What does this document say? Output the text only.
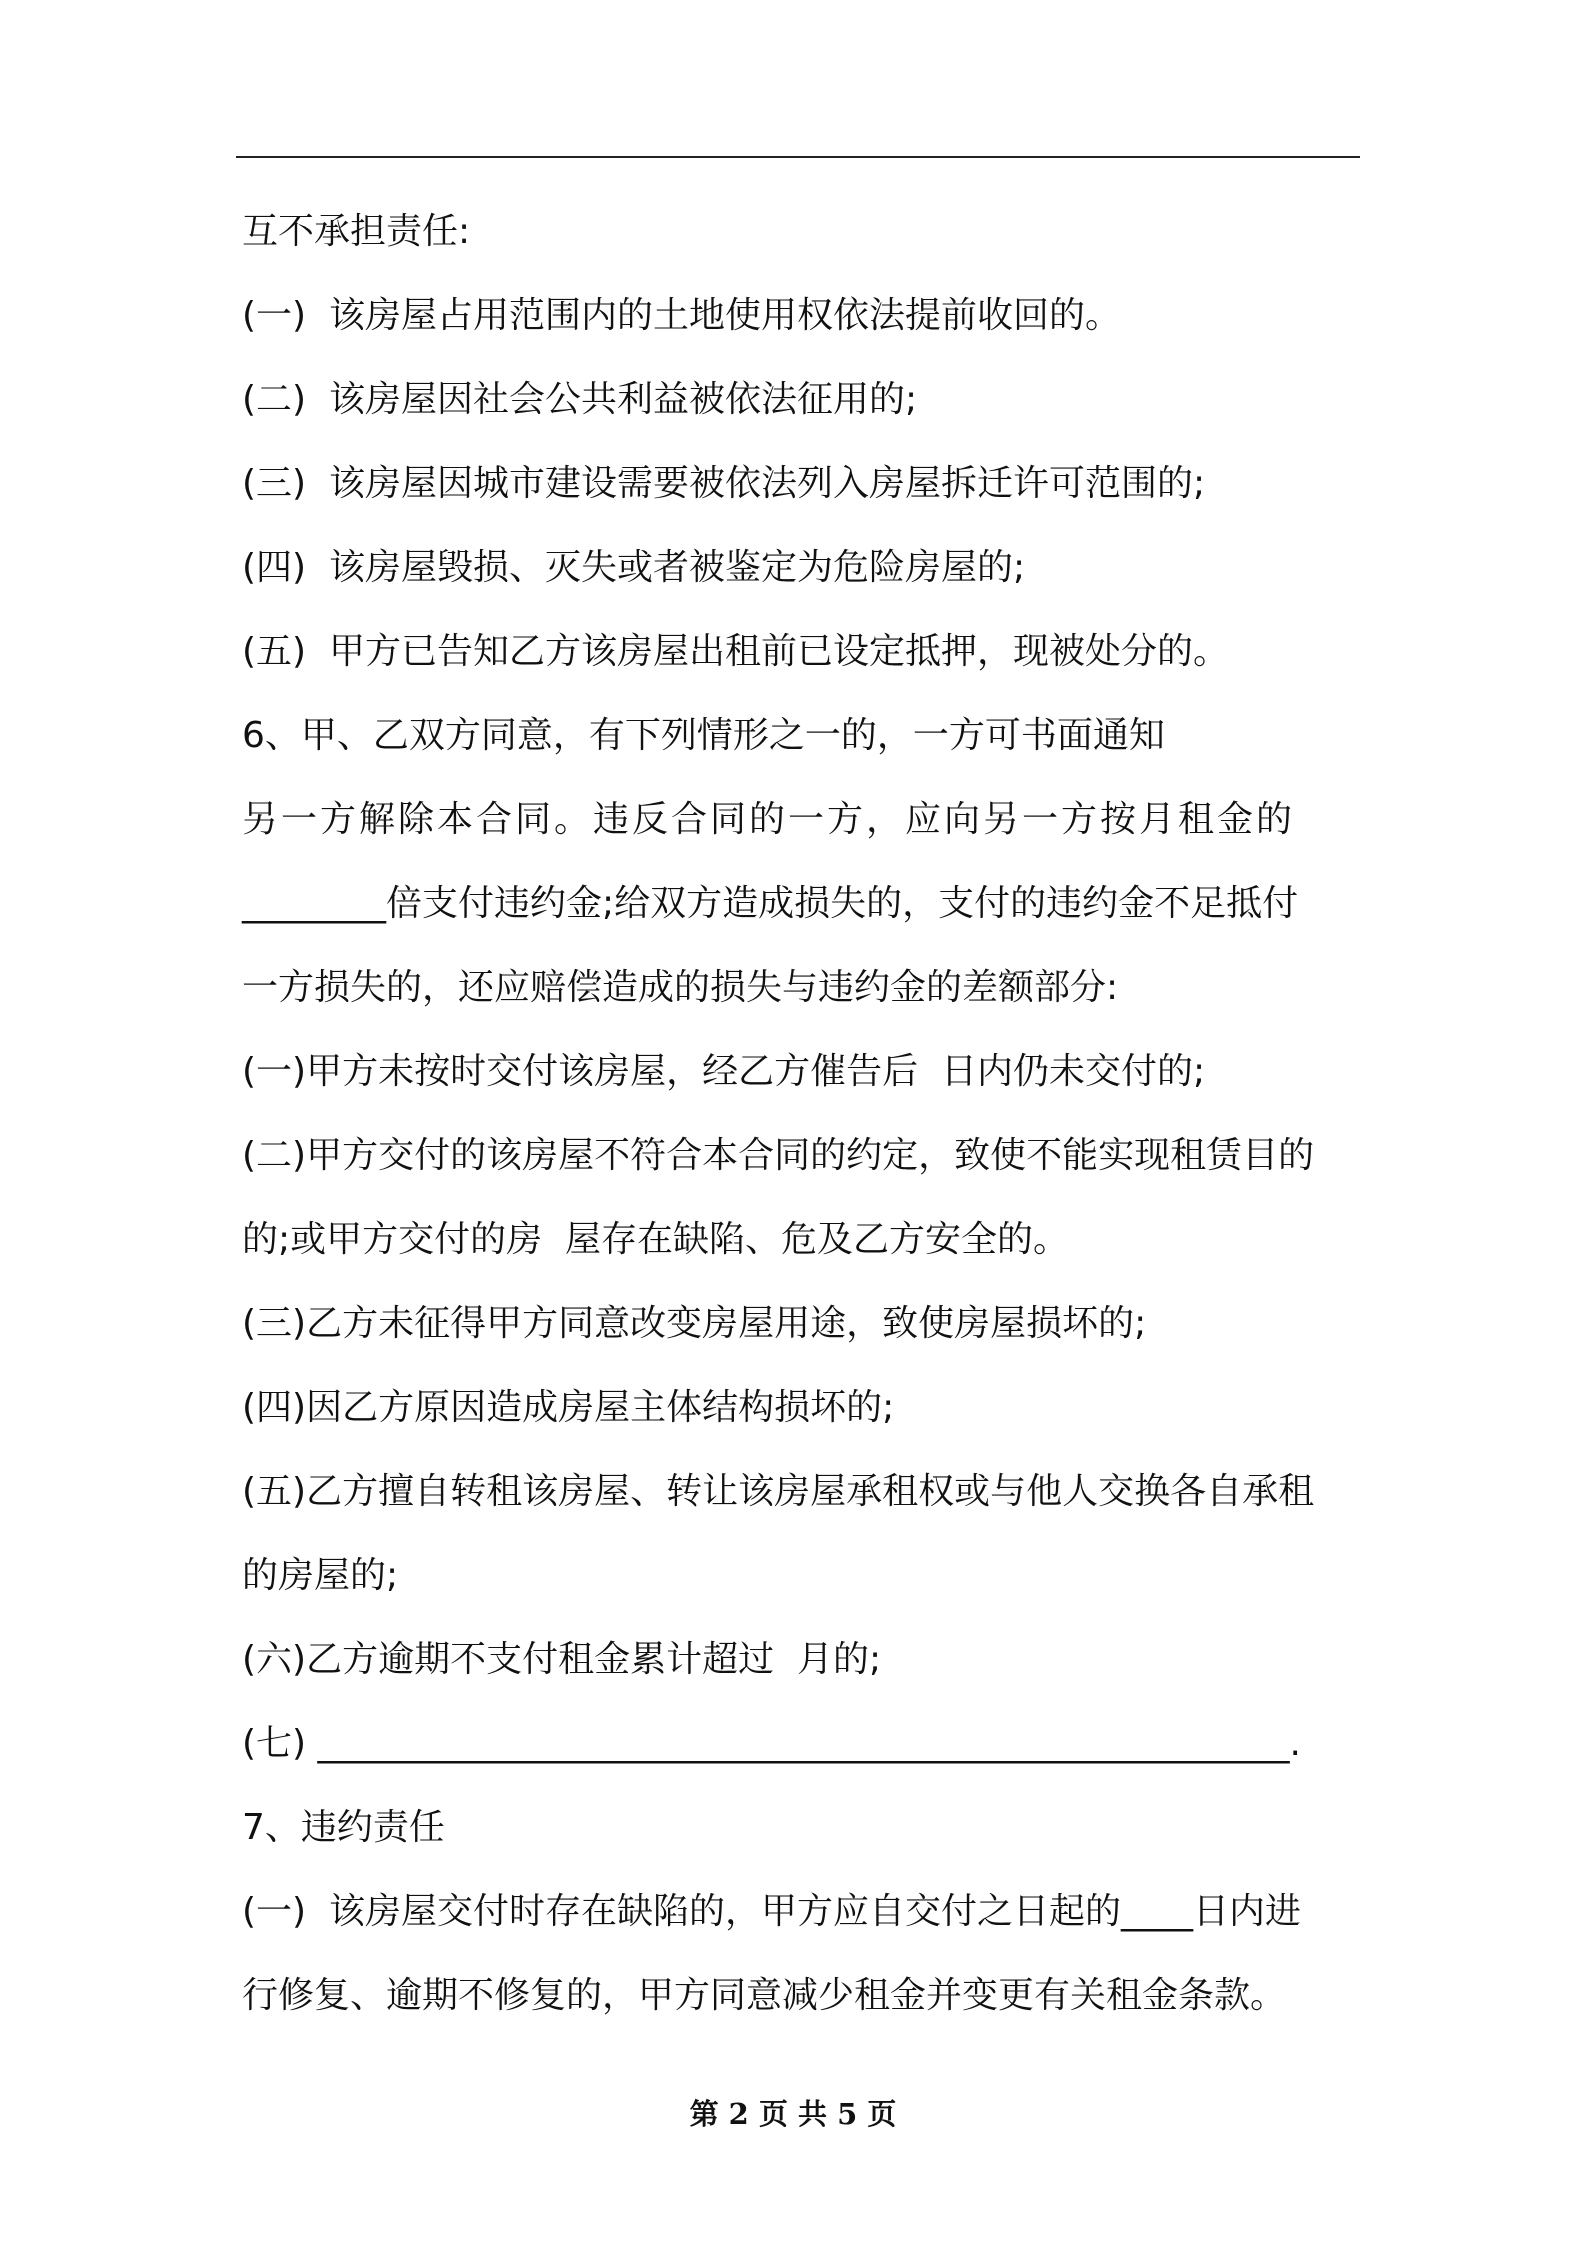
互不承担责任:
(一)  该房屋占用范围内的土地使用权依法提前收回的。
(二)  该房屋因社会公共利益被依法征用的;
(三)  该房屋因城市建设需要被依法列入房屋拆迁许可范围的;
(四)  该房屋毁损、灭失或者被鉴定为危险房屋的;
(五)  甲方已告知乙方该房屋出租前已设定抵押，现被处分的。
6、甲、乙双方同意，有下列情形之一的，一方可书面通知
另一方解除本合同。违反合同的一方，应向另一方按月租金的
________倍支付违约金;给双方造成损失的，支付的违约金不足抵付
一方损失的，还应赔偿造成的损失与违约金的差额部分:
(一)甲方未按时交付该房屋，经乙方催告后  日内仍未交付的;
(二)甲方交付的该房屋不符合本合同的约定，致使不能实现租赁目的
的;或甲方交付的房  屋存在缺陷、危及乙方安全的。
(三)乙方未征得甲方同意改变房屋用途，致使房屋损坏的;
(四)因乙方原因造成房屋主体结构损坏的;
(五)乙方擅自转租该房屋、转让该房屋承租权或与他人交换各自承租
的房屋的;
(六)乙方逾期不支付租金累计超过  月的;
(七) ______________________________________________________.
7、违约责任
(一)  该房屋交付时存在缺陷的，甲方应自交付之日起的____日内进
行修复、逾期不修复的，甲方同意减少租金并变更有关租金条款。
第 2 页 共 5 页
